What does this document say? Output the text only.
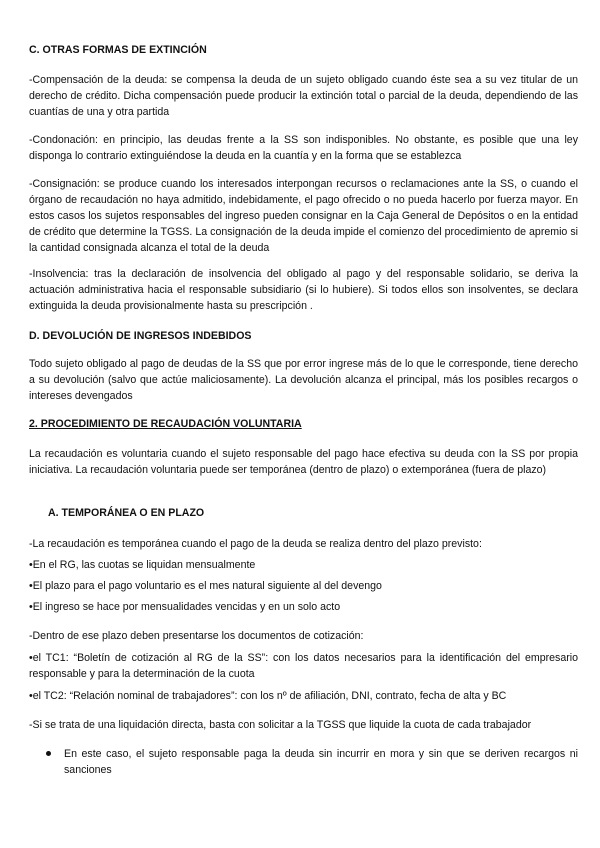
C. OTRAS FORMAS DE EXTINCIÓN
-Compensación de la deuda: se compensa la deuda de un sujeto obligado cuando éste sea a su vez titular de un derecho de crédito. Dicha compensación puede producir la extinción total o parcial de la deuda, dependiendo de las cuantías de una y otra partida
-Condonación: en principio, las deudas frente a la SS son indisponibles. No obstante, es posible que una ley disponga lo contrario extinguiéndose la deuda en la cuantía y en la forma que se establezca
-Consignación: se produce cuando los interesados interpongan recursos o reclamaciones ante la SS, o cuando el órgano de recaudación no haya admitido, indebidamente, el pago ofrecido o no pueda hacerlo por fuerza mayor. En estos casos los sujetos responsables del ingreso pueden consignar en la Caja General de Depósitos o en la entidad de crédito que determine la TGSS. La consignación de la deuda impide el comienzo del procedimiento de apremio si la cantidad consignada alcanza el total de la deuda
-Insolvencia: tras la declaración de insolvencia del obligado al pago y del responsable solidario, se deriva la actuación administrativa hacia el responsable subsidiario (si lo hubiere). Si todos ellos son insolventes, se declara extinguida la deuda provisionalmente hasta su prescripción .
D. DEVOLUCIÓN DE INGRESOS INDEBIDOS
Todo sujeto obligado al pago de deudas de la SS que por error ingrese más de lo que le corresponde, tiene derecho a su devolución (salvo que actúe maliciosamente). La devolución alcanza el principal, más los posibles recargos o intereses devengados
2. PROCEDIMIENTO DE RECAUDACIÓN VOLUNTARIA
La recaudación es voluntaria cuando el sujeto responsable del pago hace efectiva su deuda con la SS por propia iniciativa. La recaudación voluntaria puede ser temporánea (dentro de plazo) o extemporánea (fuera de plazo)
A. TEMPORÁNEA O EN PLAZO
-La recaudación es temporánea cuando el pago de la deuda se realiza dentro del plazo previsto:
•En el RG, las cuotas se liquidan mensualmente
•El plazo para el pago voluntario es el mes natural siguiente al del devengo
•El ingreso se hace por mensualidades vencidas y en un solo acto
-Dentro de ese plazo deben presentarse los documentos de cotización:
•el TC1: “Boletín de cotización al RG de la SS”: con los datos necesarios para la identificación del empresario responsable y para la determinación de la cuota
•el TC2: “Relación nominal de trabajadores”: con los nº de afiliación, DNI, contrato, fecha de alta y BC
-Si se trata de una liquidación directa, basta con solicitar a la TGSS que liquide la cuota de cada trabajador
En este caso, el sujeto responsable paga la deuda sin incurrir en mora y sin que se deriven recargos ni sanciones
